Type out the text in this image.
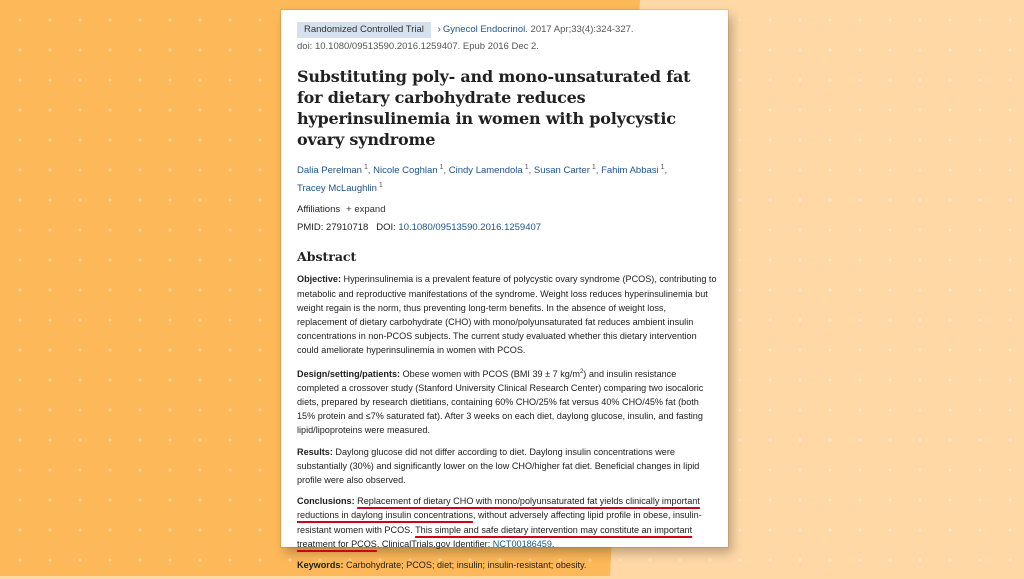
Randomized Controlled Trial › Gynecol Endocrinol. 2017 Apr;33(4):324-327.
doi: 10.1080/09513590.2016.1259407. Epub 2016 Dec 2.
Substituting poly- and mono-unsaturated fat for dietary carbohydrate reduces hyperinsulinemia in women with polycystic ovary syndrome
Dalia Perelman $^1$, Nicole Coghlan $^1$, Cindy Lamendola $^1$, Susan Carter $^1$, Fahim Abbasi $^1$,
Tracey McLaughlin $^1$
Affiliations + expand
PMID: 27910718 DOI: 10.1080/09513590.2016.1259407
Abstract

Objective: Hyperinsulinemia is a prevalent feature of polycystic ovary syndrome (PCOS), contributing to metabolic and reproductive manifestations of the syndrome. Weight loss reduces hyperinsulinemia but weight regain is the norm, thus preventing long-term benefits. In the absence of weight loss, replacement of dietary carbohydrate (CHO) with mono/polyunsaturated fat reduces ambient insulin concentrations in non-PCOS subjects. The current study evaluated whether this dietary intervention could ameliorate hyperinsulinemia in women with PCOS.

Design/setting/patients: Obese women with PCOS (BMI 39 ± 7 $kg/m^2$) and insulin resistance completed a crossover study (Stanford University Clinical Research Center) comparing two isocaloric diets, prepared by research dietitians, containing 60% CHO/25% fat versus 40% CHO/45% fat (both 15% protein and ≤7% saturated fat). After 3 weeks on each diet, daylong glucose, insulin, and fasting lipid/lipoproteins were measured.

Results: Daylong glucose did not differ according to diet. Daylong insulin concentrations were substantially (30%) and significantly lower on the low CHO/higher fat diet. Beneficial changes in lipid profile were also observed.

Conclusions: Replacement of dietary CHO with mono/polyunsaturated fat yields clinically important reductions in daylong insulin concentrations, without adversely affecting lipid profile in obese, insulin-resistant women with PCOS. This simple and safe dietary intervention may constitute an important treatment for PCOS. ClinicalTrials.gov Identifier: NCT00186459.

Keywords: Carbohydrate; PCOS; diet; insulin; insulin-resistant; obesity.
